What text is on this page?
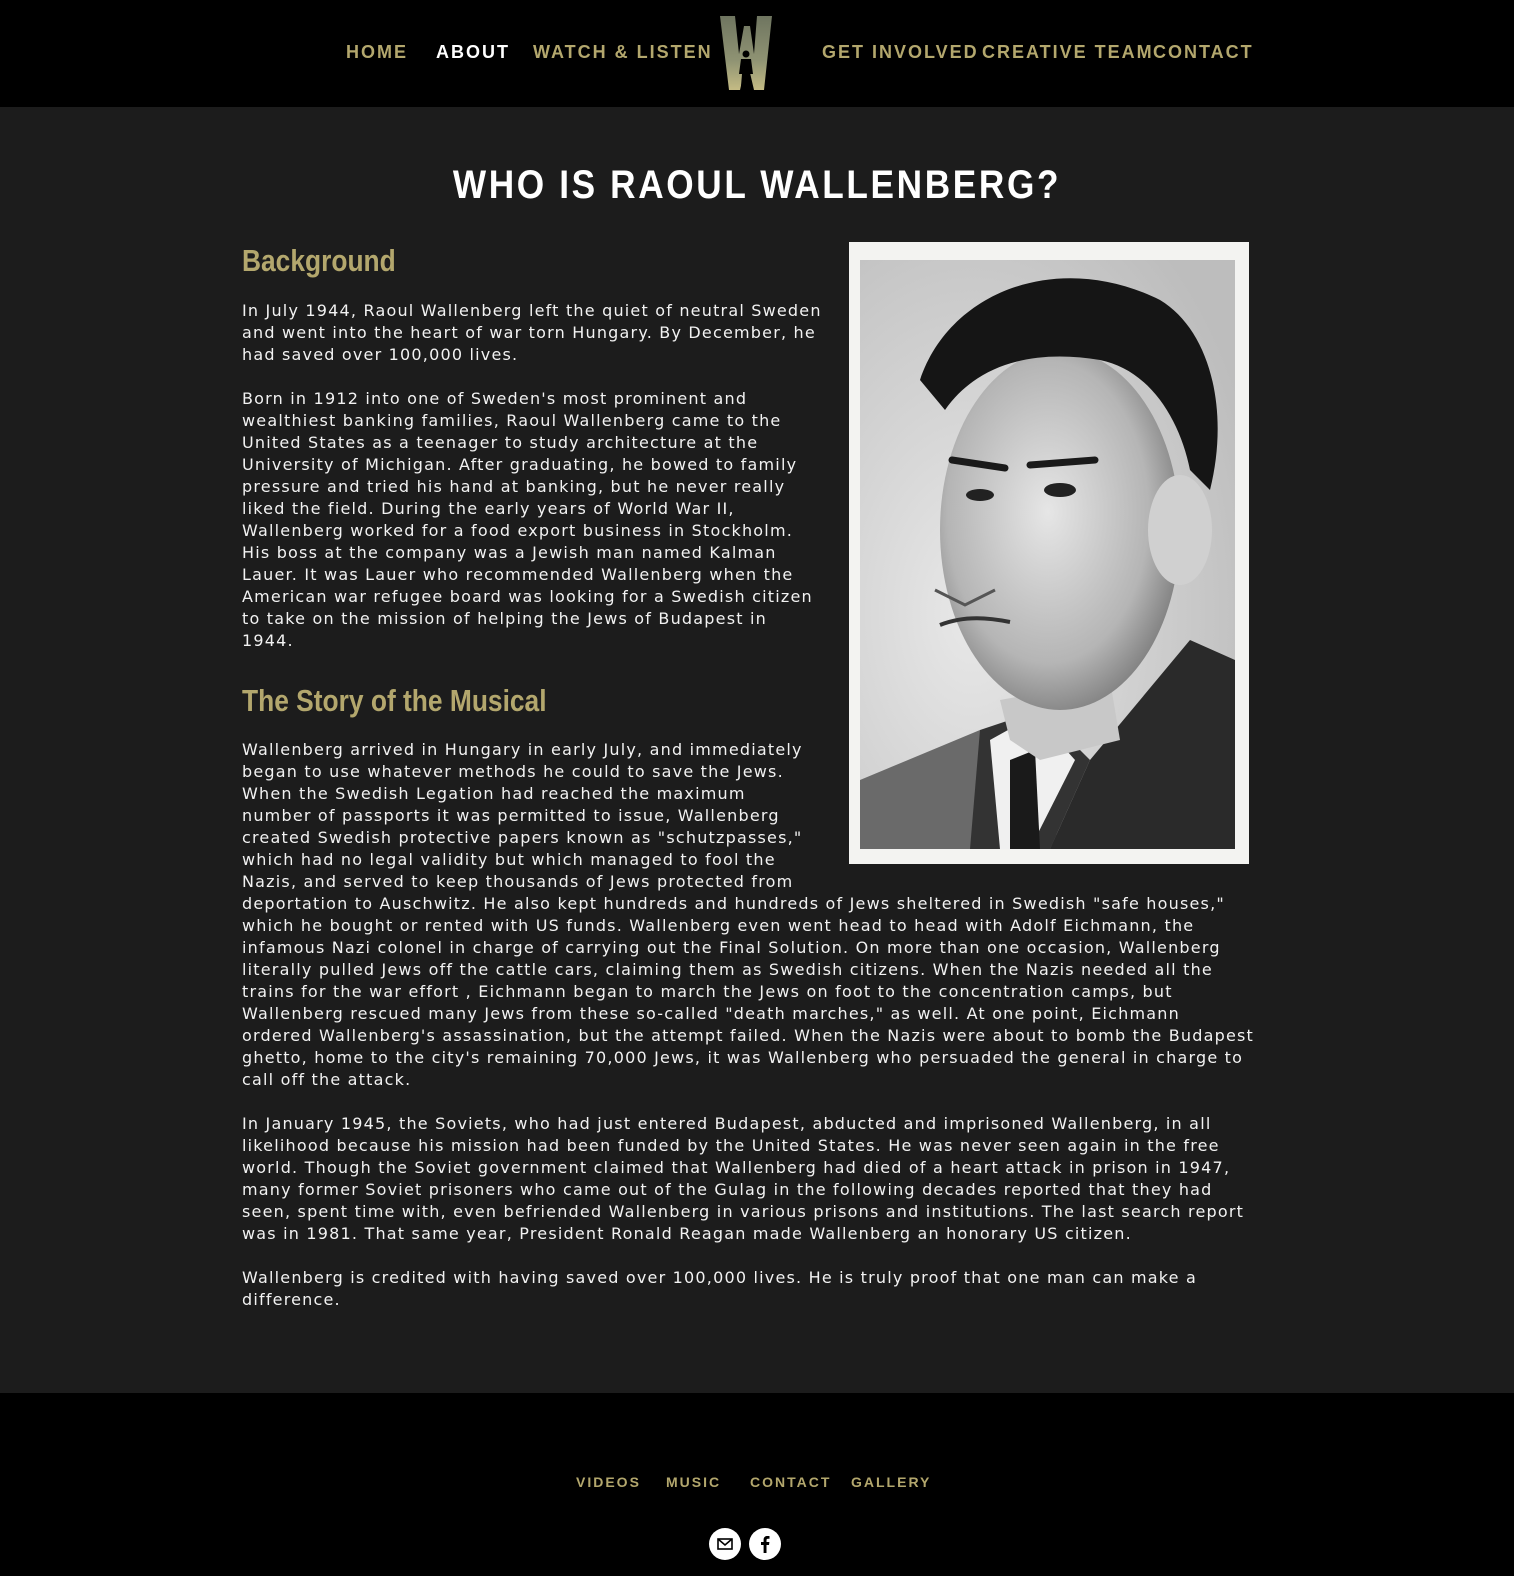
HOME ABOUT WATCH & LISTEN	GET INVOLVED CREATIVE TEAM CONTACT
WHO IS RAOUL WALLENBERG?
Background

In July 1944, Raoul Wallenberg left the quiet of neutral Sweden and went into the heart of war torn Hungary. By December, he had saved over 100,000 lives.

Born in 1912 into one of Sweden's most prominent and wealthiest banking families, Raoul Wallenberg came to the United States as a teenager to study architecture at the University of Michigan. After graduating, he bowed to family pressure and tried his hand at banking, but he never really liked the field. During the early years of World War II, Wallenberg worked for a food export business in Stockholm. His boss at the company was a Jewish man named Kalman Lauer. It was Lauer who recommended Wallenberg when the American war refugee board was looking for a Swedish citizen to take on the mission of helping the Jews of Budapest in 1944.

The Story of the Musical

Wallenberg arrived in Hungary in early July, and immediately began to use whatever methods he could to save the Jews. When the Swedish Legation had reached the maximum number of passports it was permitted to issue, Wallenberg created Swedish protective papers known as "schutzpasses," which had no legal validity but which managed to fool the Nazis, and served to keep thousands of Jews protected from deportation to Auschwitz. He also kept hundreds and hundreds of Jews sheltered in Swedish "safe houses," which he bought or rented with US funds. Wallenberg even went head to head with Adolf Eichmann, the infamous Nazi colonel in charge of carrying out the Final Solution. On more than one occasion, Wallenberg literally pulled Jews off the cattle cars, claiming them as Swedish citizens. When the Nazis needed all the trains for the war effort , Eichmann began to march the Jews on foot to the concentration camps, but Wallenberg rescued many Jews from these so-called "death marches," as well. At one point, Eichmann ordered Wallenberg's assassination, but the attempt failed. When the Nazis were about to bomb the Budapest ghetto, home to the city's remaining 70,000 Jews, it was Wallenberg who persuaded the general in charge to call off the attack.

In January 1945, the Soviets, who had just entered Budapest, abducted and imprisoned Wallenberg, in all likelihood because his mission had been funded by the United States. He was never seen again in the free world. Though the Soviet government claimed that Wallenberg had died of a heart attack in prison in 1947, many former Soviet prisoners who came out of the Gulag in the following decades reported that they had seen, spent time with, even befriended Wallenberg in various prisons and institutions. The last search report was in 1981. That same year, President Ronald Reagan made Wallenberg an honorary US citizen.

Wallenberg is credited with having saved over 100,000 lives. He is truly proof that one man can make a difference.

VIDEOS MUSIC CONTACT GALLERY
